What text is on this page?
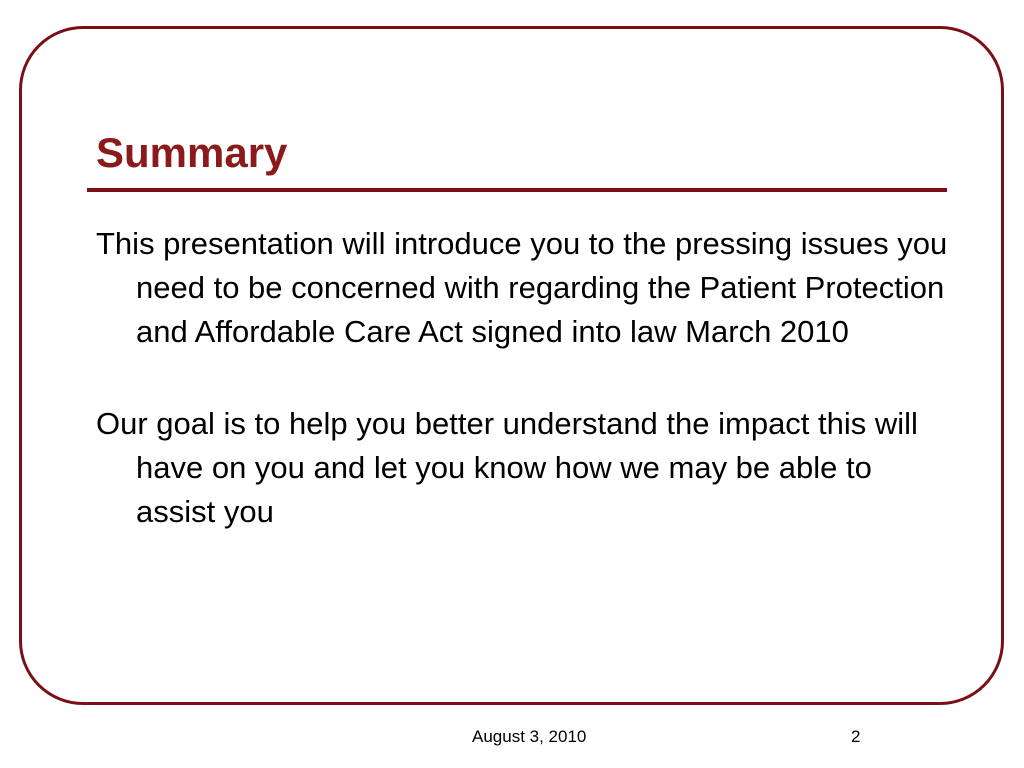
Summary

This presentation will introduce you to the pressing issues you need to be concerned with regarding the Patient Protection and Affordable Care Act signed into law March 2010

Our goal is to help you better understand the impact this will have on you and let you know how we may be able to assist you

August 3, 2010	2
